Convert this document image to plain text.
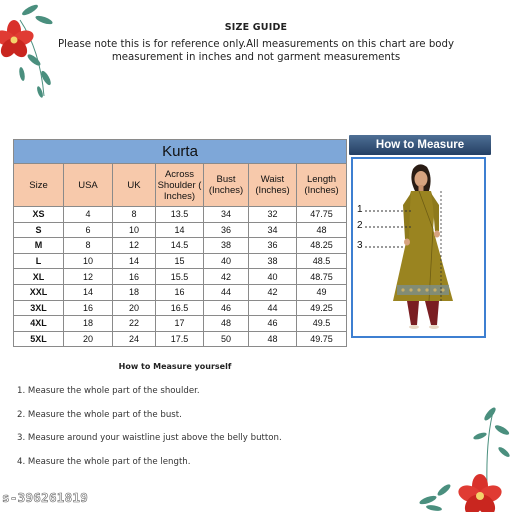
SIZE GUIDE
Please note this is for reference only.All measurements on this chart are body measurement in inches and not garment measurements
Kurta						
Size	USA	UK	Across Shoulder ( Inches)	Bust (Inches)	Waist (Inches)	Length (Inches)
XS	4	8	13.5	34	32	47.75
S	6	10	14	36	34	48
M	8	12	14.5	38	36	48.25
L	10	14	15	40	38	48.5
XL	12	16	15.5	42	40	48.75
XXL	14	18	16	44	42	49
3XL	16	20	16.5	46	44	49.25
4XL	18	22	17	48	46	49.5
5XL	20	24	17.5	50	48	49.75
How to Measure
1
2
3
How to Measure yourself
1. Measure the whole part of the shoulder.
2. Measure the whole part of the bust.
3. Measure around your waistline just above the belly button.
4. Measure the whole part of the length.
s-396261819
